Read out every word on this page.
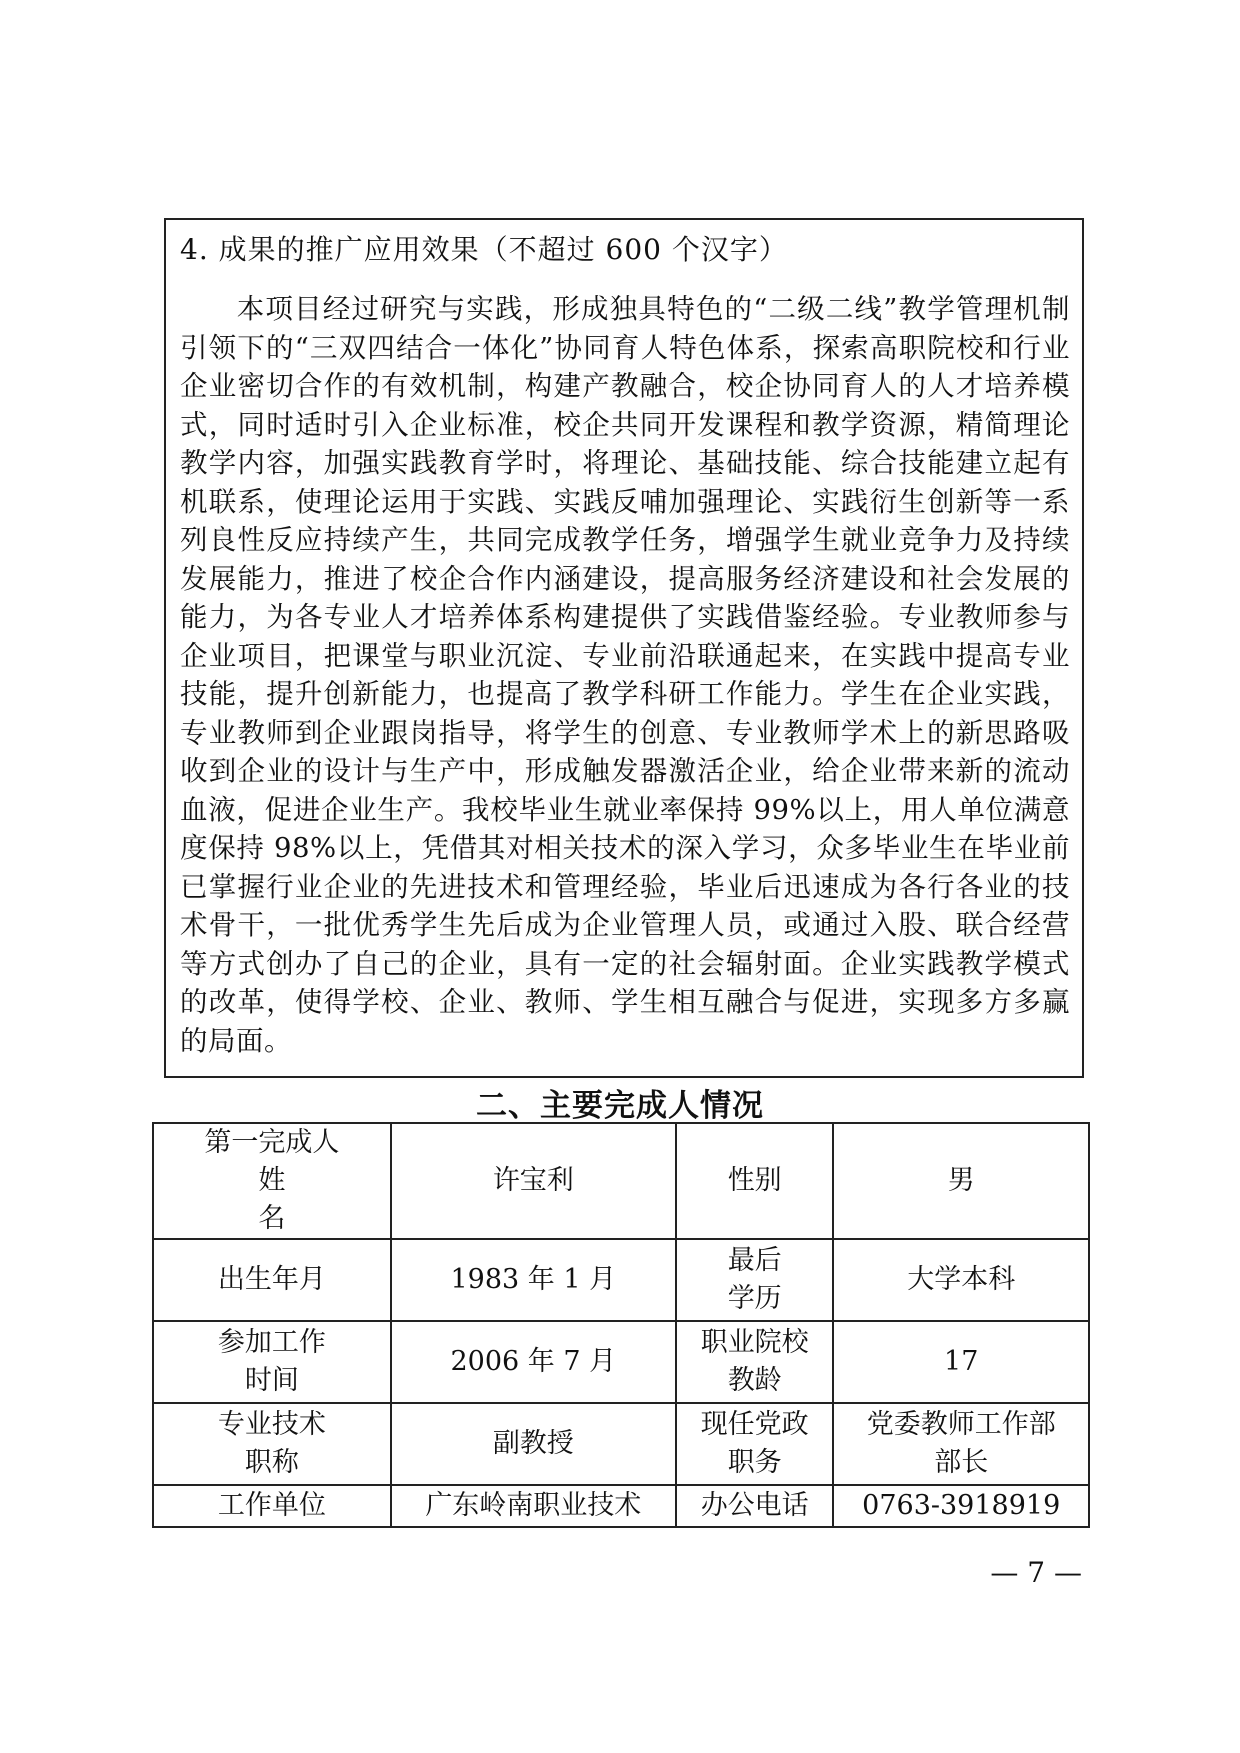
4. 成果的推广应用效果（不超过 600 个汉字）
本项目经过研究与实践，形成独具特色的“二级二线”教学管理机制引领下的“三双四结合一体化”协同育人特色体系，探索高职院校和行业企业密切合作的有效机制，构建产教融合，校企协同育人的人才培养模式，同时适时引入企业标准，校企共同开发课程和教学资源，精简理论教学内容，加强实践教育学时，将理论、基础技能、综合技能建立起有机联系，使理论运用于实践、实践反哺加强理论、实践衍生创新等一系列良性反应持续产生，共同完成教学任务，增强学生就业竞争力及持续发展能力，推进了校企合作内涵建设，提高服务经济建设和社会发展的能力，为各专业人才培养体系构建提供了实践借鉴经验。专业教师参与企业项目，把课堂与职业沉淀、专业前沿联通起来，在实践中提高专业技能，提升创新能力，也提高了教学科研工作能力。学生在企业实践，专业教师到企业跟岗指导，将学生的创意、专业教师学术上的新思路吸收到企业的设计与生产中，形成触发器激活企业，给企业带来新的流动血液，促进企业生产。我校毕业生就业率保持 99%以上，用人单位满意度保持 98%以上，凭借其对相关技术的深入学习，众多毕业生在毕业前已掌握行业企业的先进技术和管理经验，毕业后迅速成为各行各业的技术骨干，一批优秀学生先后成为企业管理人员，或通过入股、联合经营等方式创办了自己的企业，具有一定的社会辐射面。企业实践教学模式的改革，使得学校、企业、教师、学生相互融合与促进，实现多方多赢的局面。
二、主要完成人情况
第一完成人
姓
名	许宝利	性别	男
出生年月	1983 年 1 月	最后
学历	大学本科

参加工作
时间	2006 年 7 月	职业院校
教龄	17

专业技术
职称	副教授	现任党政
职务	党委教师工作部
部长

工作单位	广东岭南职业技术	办公电话	0763-3918919
— 7 —
